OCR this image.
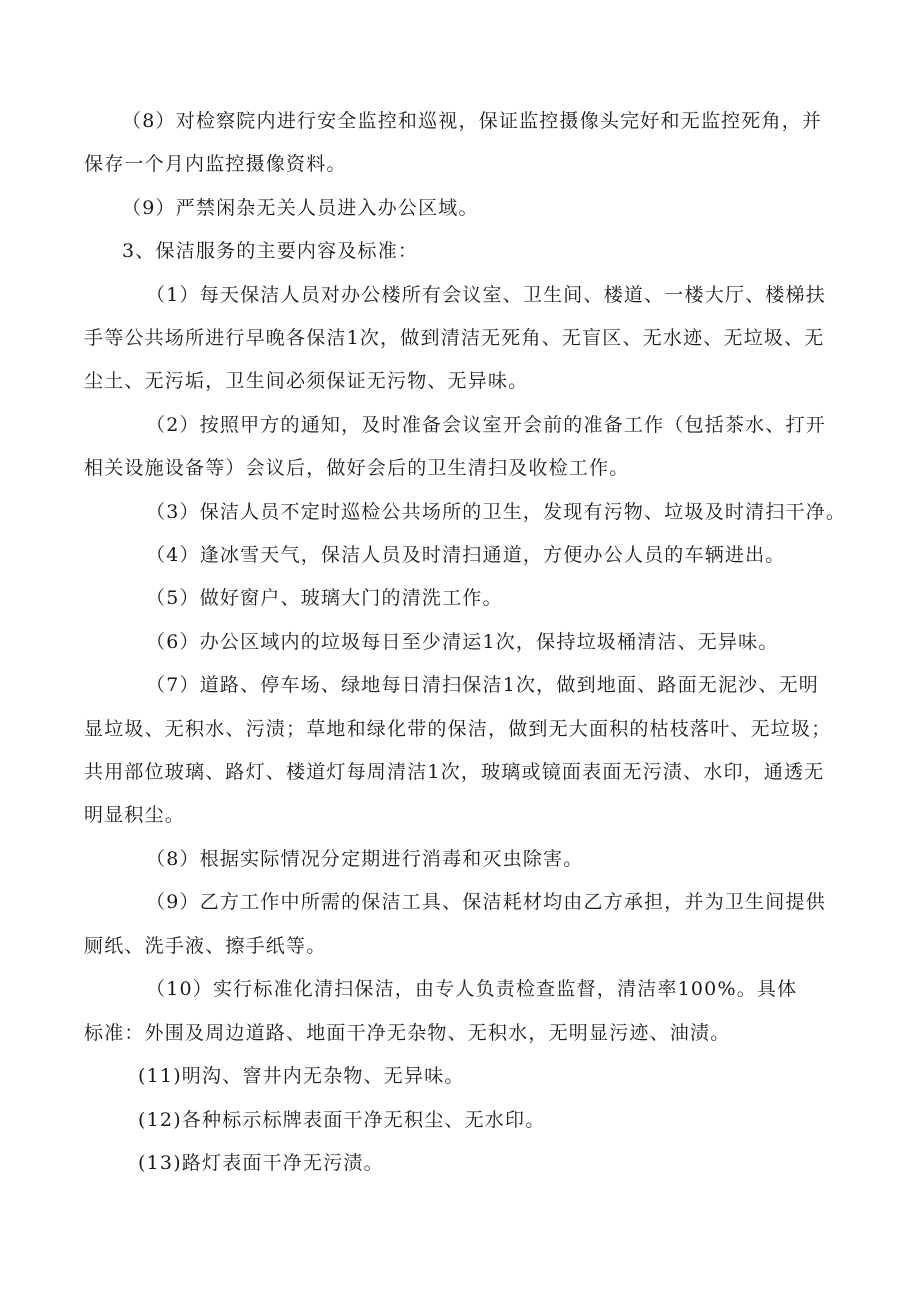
（8）对检察院内进行安全监控和巡视，保证监控摄像头完好和无监控死角，并
保存一个月内监控摄像资料。
（9）严禁闲杂无关人员进入办公区域。
3、保洁服务的主要内容及标准：
（1）每天保洁人员对办公楼所有会议室、卫生间、楼道、一楼大厅、楼梯扶
手等公共场所进行早晚各保洁1次，做到清洁无死角、无盲区、无水迹、无垃圾、无
尘土、无污垢，卫生间必须保证无污物、无异味。
（2）按照甲方的通知，及时准备会议室开会前的准备工作（包括茶水、打开
相关设施设备等）会议后，做好会后的卫生清扫及收检工作。
（3）保洁人员不定时巡检公共场所的卫生，发现有污物、垃圾及时清扫干净。
（4）逢冰雪天气，保洁人员及时清扫通道，方便办公人员的车辆进出。
（5）做好窗户、玻璃大门的清洗工作。
（6）办公区域内的垃圾每日至少清运1次，保持垃圾桶清洁、无异味。
（7）道路、停车场、绿地每日清扫保洁1次，做到地面、路面无泥沙、无明
显垃圾、无积水、污渍；草地和绿化带的保洁，做到无大面积的枯枝落叶、无垃圾；
共用部位玻璃、路灯、楼道灯每周清洁1次，玻璃或镜面表面无污渍、水印，通透无
明显积尘。
（8）根据实际情况分定期进行消毒和灭虫除害。
（9）乙方工作中所需的保洁工具、保洁耗材均由乙方承担，并为卫生间提供
厕纸、洗手液、擦手纸等。
（10）实行标准化清扫保洁，由专人负责检查监督，清洁率100%。具体
标准：外围及周边道路、地面干净无杂物、无积水，无明显污迹、油渍。
(11)明沟、窨井内无杂物、无异味。
(12)各种标示标牌表面干净无积尘、无水印。
(13)路灯表面干净无污渍。
